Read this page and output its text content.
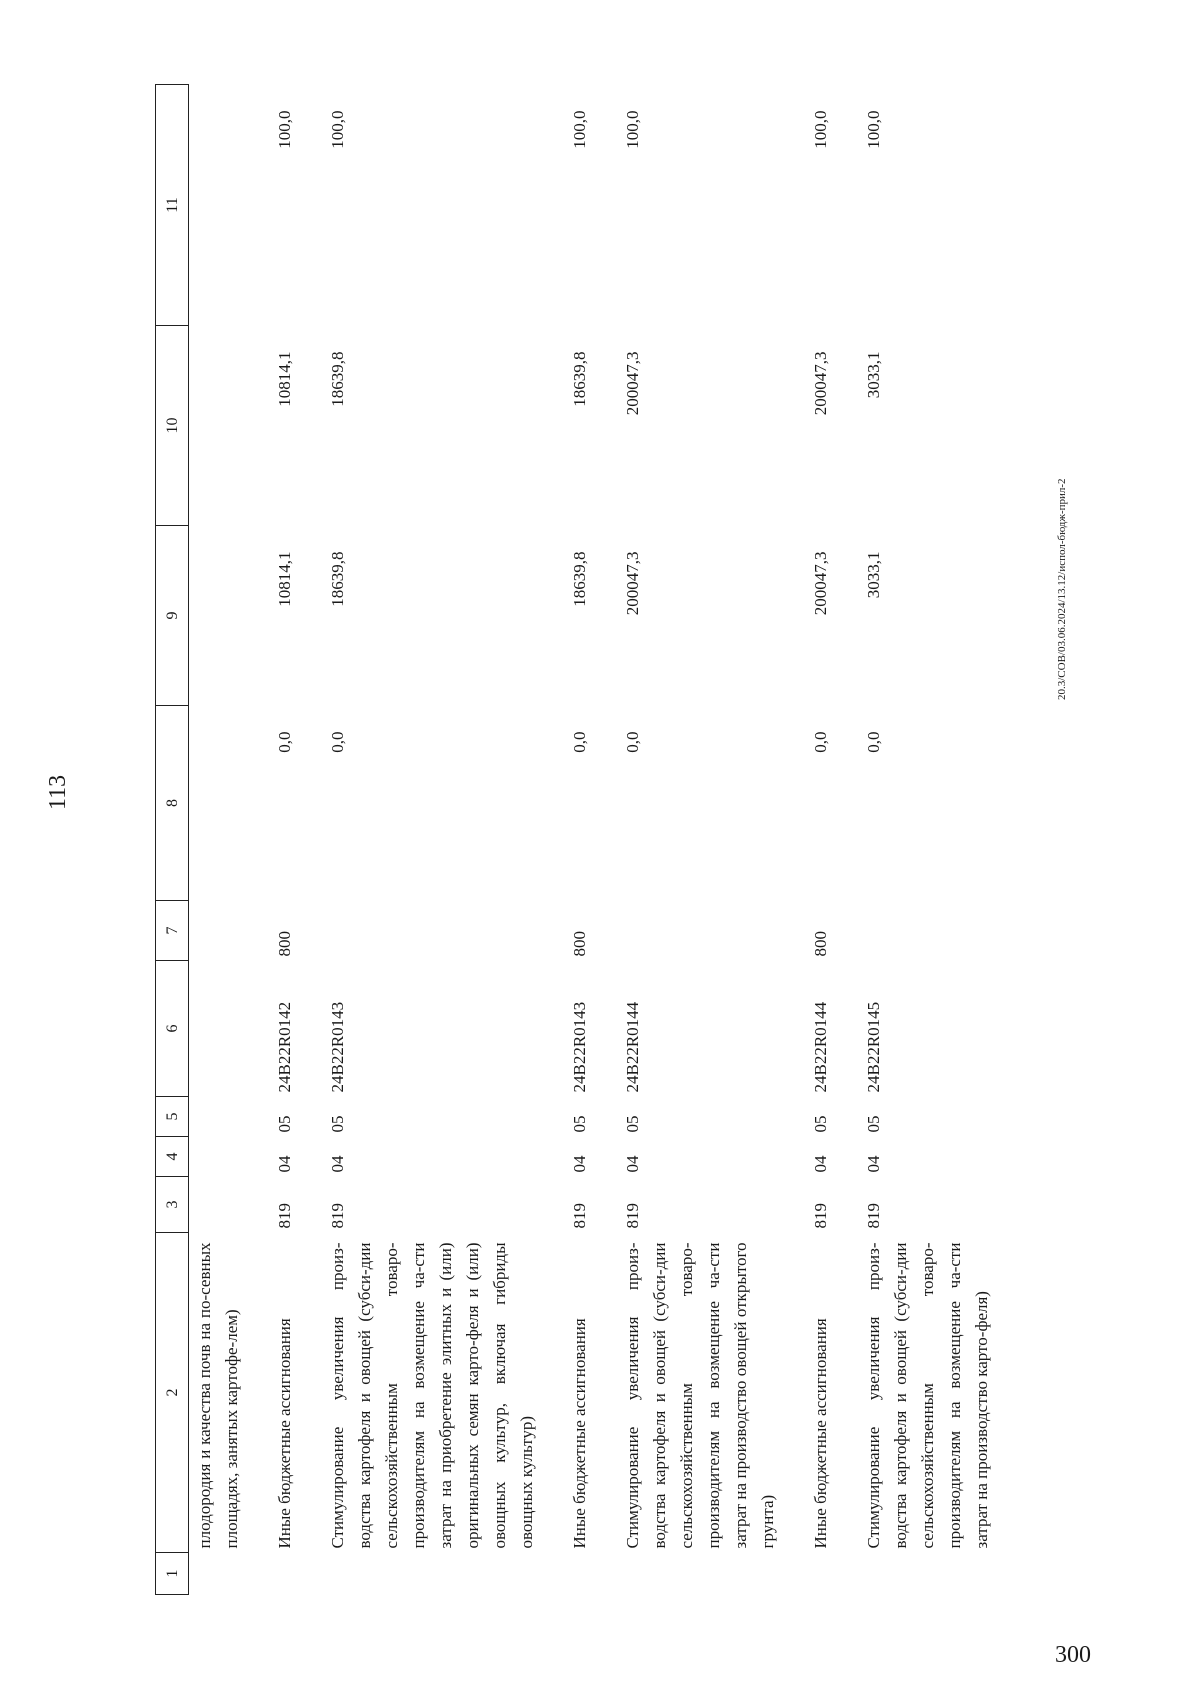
113
1	2	3	4	5	6	7	8	9	10	11
	плодородия и качества почв на по-севных площадях, занятых картофе-лем)									

	Иные бюджетные ассигнования	819	04	05	24В22R0142	800	0,0	10814,1	10814,1	100,0

	Стимулирование увеличения произ-водства картофеля и овощей (субси-дии сельскохозяйственным товаро-производителям на возмещение ча-сти затрат на приобретение элитных и (или) оригинальных семян карто-феля и (или) овощных культур, включая гибриды овощных культур)	819	04	05	24В22R0143		0,0	18639,8	18639,8	100,0

	Иные бюджетные ассигнования	819	04	05	24В22R0143	800	0,0	18639,8	18639,8	100,0

	Стимулирование увеличения произ-водства картофеля и овощей (субси-дии сельскохозяйственным товаро-производителям на возмещение ча-сти затрат на производство овощей открытого грунта)	819	04	05	24В22R0144		0,0	200047,3	200047,3	100,0

	Иные бюджетные ассигнования	819	04	05	24В22R0144	800	0,0	200047,3	200047,3	100,0

	Стимулирование увеличения произ-водства картофеля и овощей (субси-дии сельскохозяйственным товаро-производителям на возмещение ча-сти затрат на производство карто-феля)	819	04	05	24В22R0145		0,0	3033,1	3033,1	100,0
20.3/СОВ/03.06.2024/13.12/испол-бюдж-прил-2
300
